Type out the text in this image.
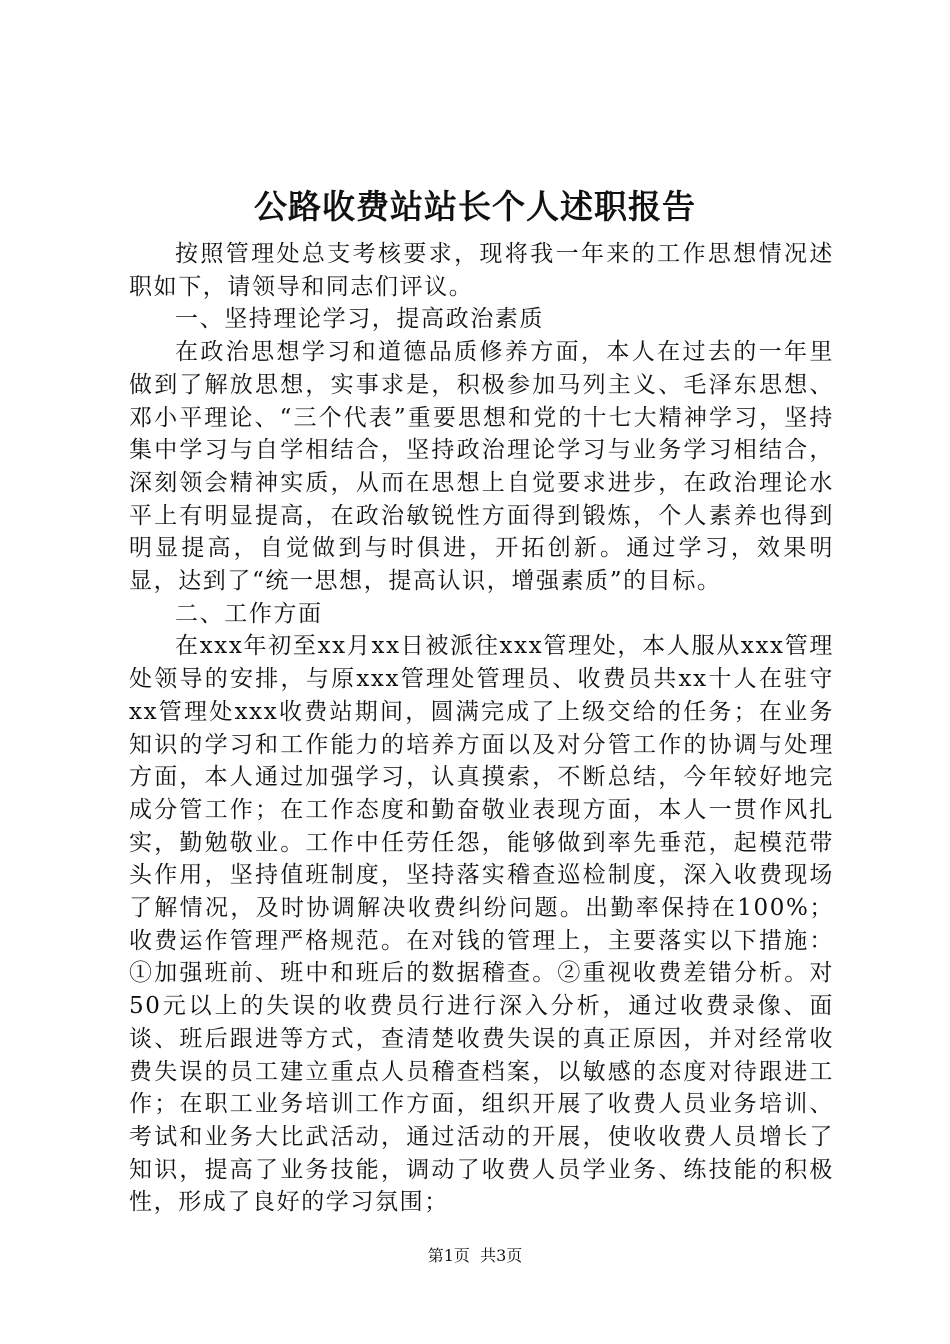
公路收费站站长个人述职报告

按照管理处总支考核要求，现将我一年来的工作思想情况述职如下，请领导和同志们评议。

一、坚持理论学习，提高政治素质

在政治思想学习和道德品质修养方面，本人在过去的一年里做到了解放思想，实事求是，积极参加马列主义、毛泽东思想、邓小平理论、“三个代表”重要思想和党的十七大精神学习，坚持集中学习与自学相结合，坚持政治理论学习与业务学习相结合，深刻领会精神实质，从而在思想上自觉要求进步，在政治理论水平上有明显提高，在政治敏锐性方面得到锻炼，个人素养也得到明显提高，自觉做到与时俱进，开拓创新。通过学习，效果明显，达到了“统一思想，提高认识，增强素质”的目标。

二、工作方面

在xxx年初至xx月xx日被派往xxx管理处，本人服从xxx管理处领导的安排，与原xxx管理处管理员、收费员共xx十人在驻守xx管理处xxx收费站期间，圆满完成了上级交给的任务；在业务知识的学习和工作能力的培养方面以及对分管工作的协调与处理方面，本人通过加强学习，认真摸索，不断总结，今年较好地完成分管工作；在工作态度和勤奋敬业表现方面，本人一贯作风扎实，勤勉敬业。工作中任劳任怨，能够做到率先垂范，起模范带头作用，坚持值班制度，坚持落实稽查巡检制度，深入收费现场了解情况，及时协调解决收费纠纷问题。出勤率保持在100%；收费运作管理严格规范。在对钱的管理上，主要落实以下措施：①加强班前、班中和班后的数据稽查。②重视收费差错分析。对50元以上的失误的收费员行进行深入分析，通过收费录像、面谈、班后跟进等方式，查清楚收费失误的真正原因，并对经常收费失误的员工建立重点人员稽查档案，以敏感的态度对待跟进工作；在职工业务培训工作方面，组织开展了收费人员业务培训、考试和业务大比武活动，通过活动的开展，使收收费人员增长了知识，提高了业务技能，调动了收费人员学业务、练技能的积极性，形成了良好的学习氛围；

第1页  共3页
